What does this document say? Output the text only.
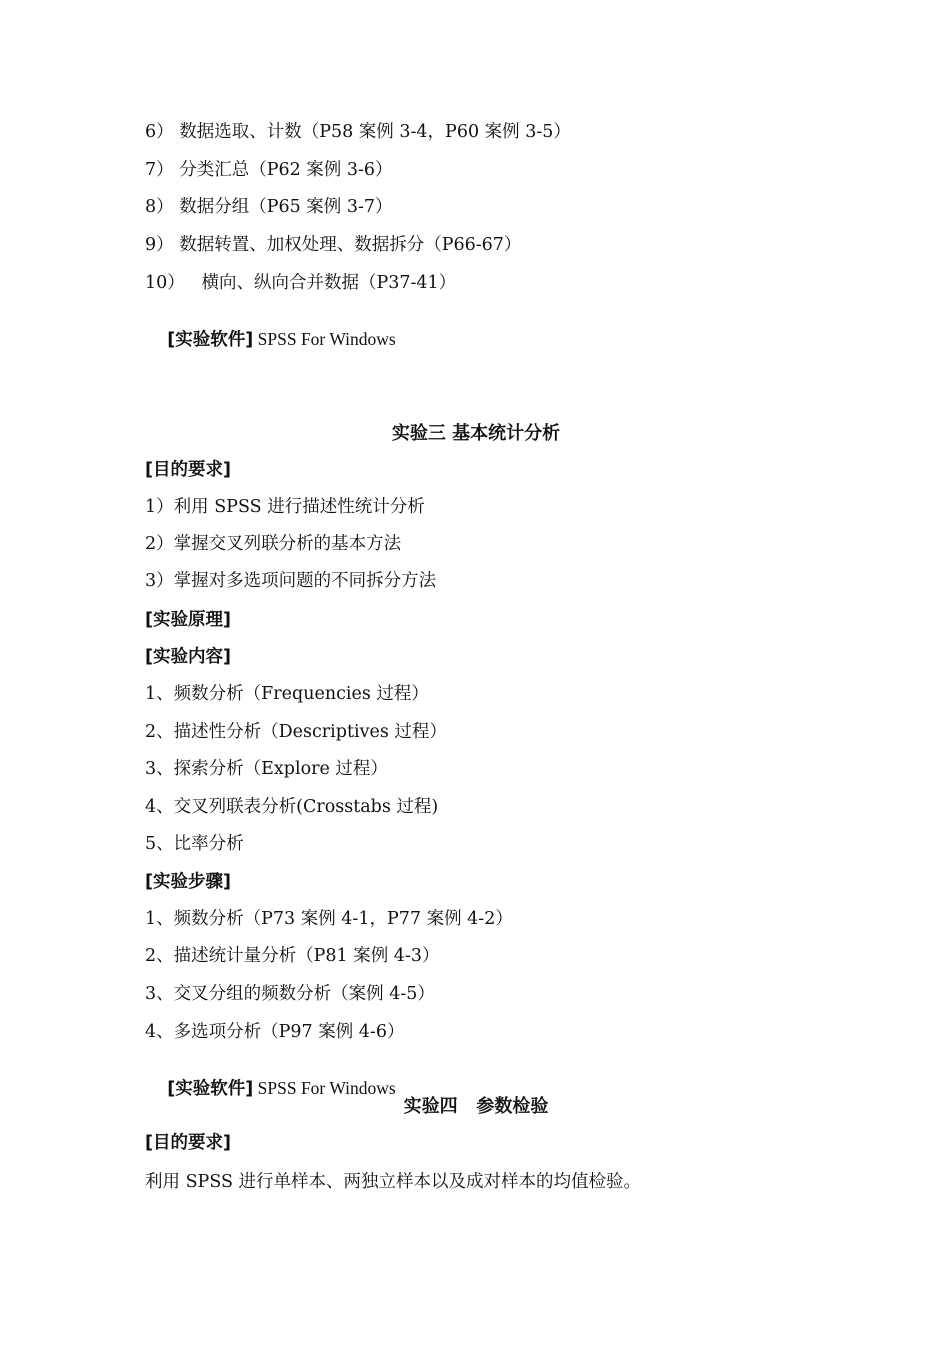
6） 数据选取、计数（P58 案例 3-4，P60 案例 3-5）
7） 分类汇总（P62 案例 3-6）
8） 数据分组（P65 案例 3-7）
9） 数据转置、加权处理、数据拆分（P66-67）
10）   横向、纵向合并数据（P37-41）

[实验软件] SPSS For Windows

实验三 基本统计分析
[目的要求]
1）利用 SPSS 进行描述性统计分析
2）掌握交叉列联分析的基本方法
3）掌握对多选项问题的不同拆分方法
[实验原理]
[实验内容]
1、频数分析（Frequencies 过程）
2、描述性分析（Descriptives 过程）
3、探索分析（Explore 过程）
4、交叉列联表分析(Crosstabs 过程)
5、比率分析
[实验步骤]
1、频数分析（P73 案例 4-1，P77 案例 4-2）
2、描述统计量分析（P81 案例 4-3）
3、交叉分组的频数分析（案例 4-5）
4、多选项分析（P97 案例 4-6）

[实验软件] SPSS For Windows

实验四   参数检验
[目的要求]
利用 SPSS 进行单样本、两独立样本以及成对样本的均值检验。
